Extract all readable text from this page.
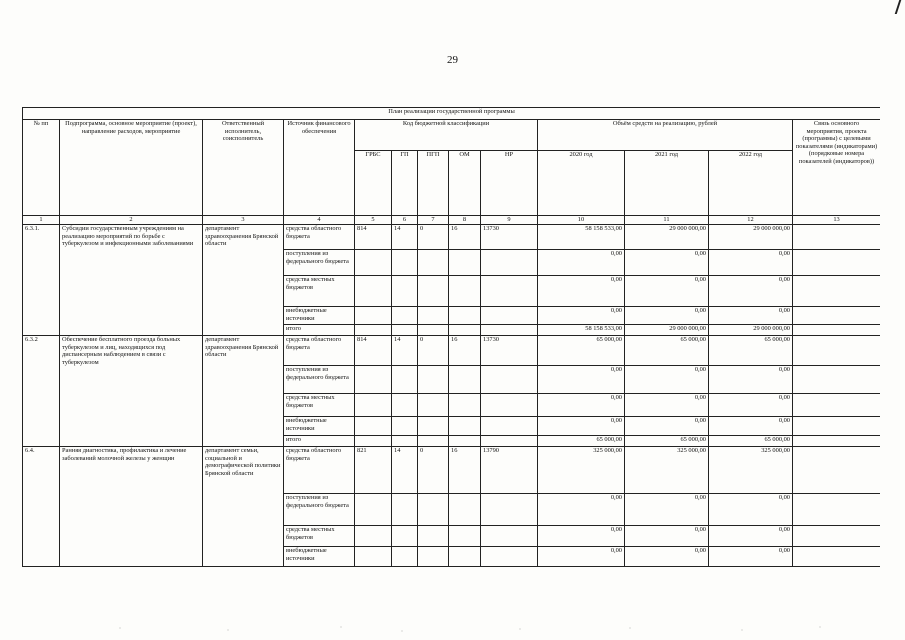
29
План реализации государственной программы												
№ пп	Подпрограмма, основное мероприятие (проект), направление расходов, мероприятие	Ответственный исполнитель, соисполнитель	Источник финансового обеспечения	Код бюджетной классификации					Объём средств на реализацию, рублей			Связь основного мероприятия, проекта (программы) с целевыми показателями (индикаторами) (порядковые номера показателей (индикаторов))
				ГРБС	ГП	ПГП	ОМ	НР	2020 год	2021 год	2022 год	
1	2	3	4	5	6	7	8	9	10	11	12	13
6.3.1.	Субсидии государственным учреждениям на реализацию мероприятий по борьбе с туберкулезом и инфекционными заболеваниями	департамент здравоохранения Брянской области	средства областного бюджета	814	14	0	16	13730	58 158 533,00	29 000 000,00	29 000 000,00	
			поступления из федерального бюджета						0,00	0,00	0,00	
			средства местных бюджетов						0,00	0,00	0,00	
			внебюджетные источники						0,00	0,00	0,00	
			итого						58 158 533,00	29 000 000,00	29 000 000,00	
6.3.2	Обеспечение бесплатного проезда больных туберкулезом и лиц, находящихся под диспансерным наблюдением в связи с туберкулезом	департамент здравоохранения Брянской области	средства областного бюджета	814	14	0	16	13730	65 000,00	65 000,00	65 000,00	
			поступления из федерального бюджета						0,00	0,00	0,00	
			средства местных бюджетов						0,00	0,00	0,00	
			внебюджетные источники						0,00	0,00	0,00	
			итого						65 000,00	65 000,00	65 000,00	
6.4.	Ранняя диагностика, профилактика и лечение заболеваний молочной железы у женщин	департамент семьи, социальной и демографической политики Брянской области	средства областного бюджета	821	14	0	16	13790	325 000,00	325 000,00	325 000,00	
			поступления из федерального бюджета						0,00	0,00	0,00	
			средства местных бюджетов						0,00	0,00	0,00	
			внебюджетные источники						0,00	0,00	0,00	
